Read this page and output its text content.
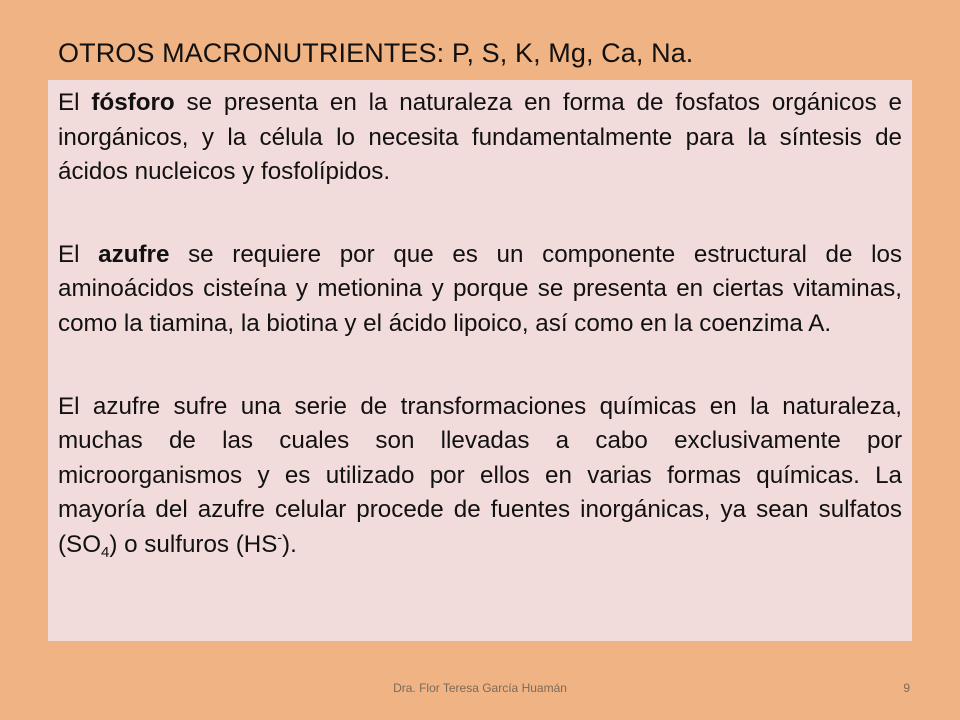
OTROS MACRONUTRIENTES: P, S, K, Mg, Ca, Na.

El fósforo se presenta en la naturaleza en forma de fosfatos orgánicos e inorgánicos, y la célula lo necesita fundamentalmente para la síntesis de ácidos nucleicos y fosfolípidos.

El azufre se requiere por que es un componente estructural de los aminoácidos cisteína y metionina y porque se presenta en ciertas vitaminas, como la tiamina, la biotina y el ácido lipoico, así como en la coenzima A.

El azufre sufre una serie de transformaciones químicas en la naturaleza, muchas de las cuales son llevadas a cabo exclusivamente por microorganismos y es utilizado por ellos en varias formas químicas. La mayoría del azufre celular procede de fuentes inorgánicas, ya sean sulfatos $(SO_4)$ o sulfuros (HS-).

Dra. Flor Teresa García Huamán	9
